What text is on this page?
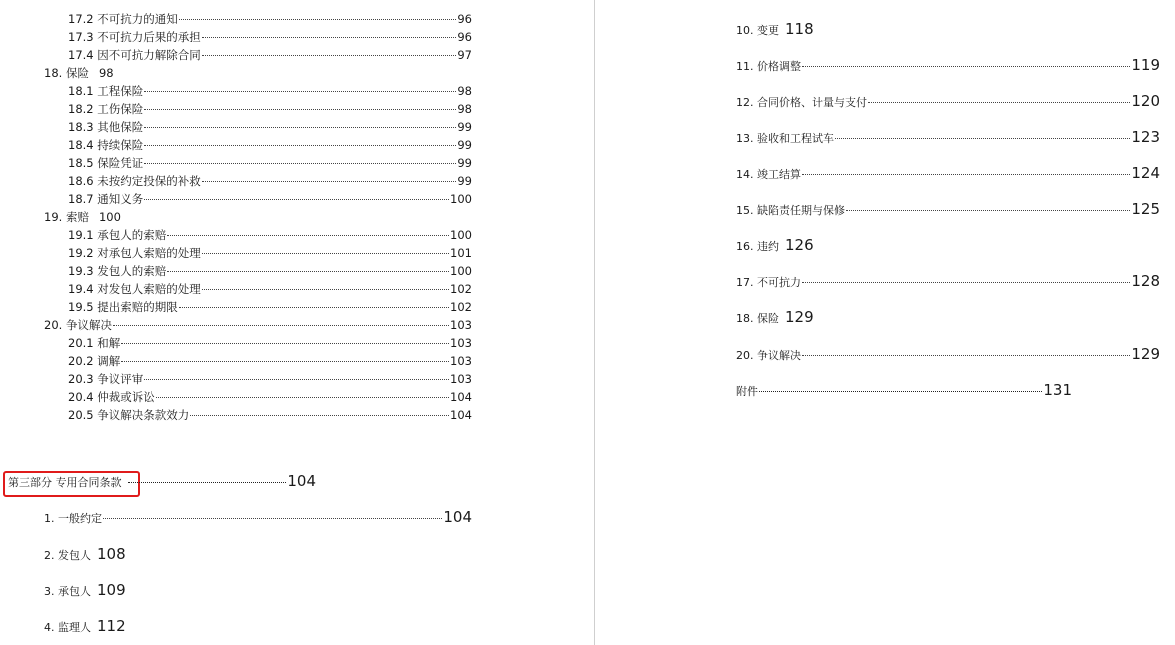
17.2 不可抗力的通知	96
17.3 不可抗力后果的承担	96
17.4 因不可抗力解除合同	97
18. 保险 98
18.1 工程保险	98
18.2 工伤保险	98
18.3 其他保险	99
18.4 持续保险	99
18.5 保险凭证	99
18.6 未按约定投保的补救	99
18.7 通知义务	100
19. 索赔 100
19.1 承包人的索赔	100
19.2 对承包人索赔的处理	101
19.3 发包人的索赔	100
19.4 对发包人索赔的处理	102
19.5 提出索赔的期限	102
20. 争议解决	103
20.1 和解	103
20.2 调解	103
20.3 争议评审	103
20.4 仲裁或诉讼	104
20.5 争议解决条款效力	104
第三部分 专用合同条款	104
1. 一般约定	104
2. 发包人 108
3. 承包人 109
4. 监理人 112
10. 变更 118
11. 价格调整	119
12. 合同价格、计量与支付	120
13. 验收和工程试车	123
14. 竣工结算	124
15. 缺陷责任期与保修	125
16. 违约 126
17. 不可抗力	128
18. 保险 129
20. 争议解决	129
附件	131
